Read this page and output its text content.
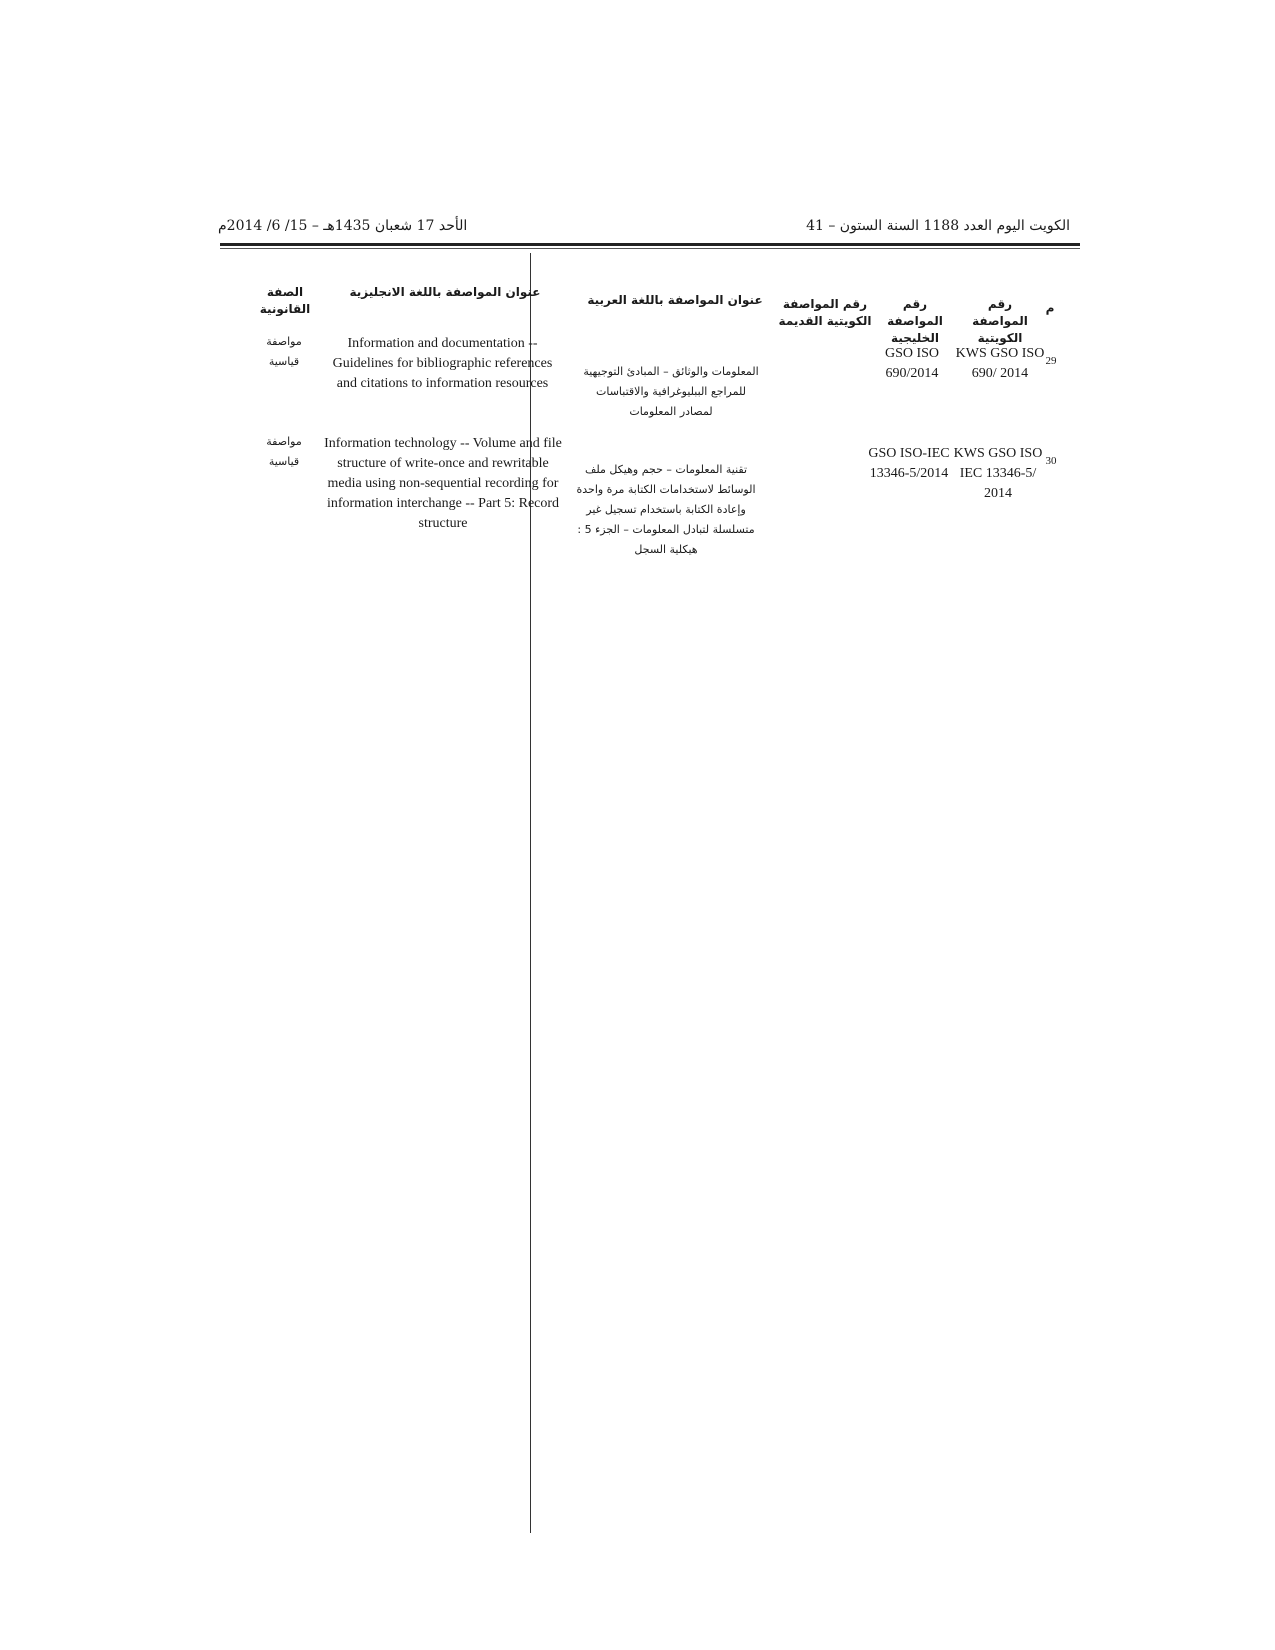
الكويت اليوم العدد 1188 السنة الستون – 41
الأحد 17 شعبان 1435هـ – 15/ 6/ 2014م
م
رقم المواصفة الكويتية
رقم المواصفة الخليجية
رقم المواصفة الكويتية القديمة
عنوان المواصفة باللغة العربية
عنوان المواصفة باللغة الانجليزية
الصفة القانونية
29
KWS GSO ISO 690/ 2014
GSO ISO 690/2014
المعلومات والوثائق – المبادئ التوجيهية للمراجع الببليوغرافية والاقتباسات لمصادر المعلومات
Information and documentation -- Guidelines for bibliographic references and citations to information resources
مواصفة قياسية
30
KWS GSO ISO IEC 13346-5/ 2014
GSO ISO-IEC 13346-5/2014
تقنية المعلومات – حجم وهيكل ملف الوسائط لاستخدامات الكتابة مرة واحدة وإعادة الكتابة باستخدام تسجيل غير متسلسلة لتبادل المعلومات – الجزء 5 : هيكلية السجل
Information technology -- Volume and file structure of write-once and rewritable media using non-sequential recording for information interchange -- Part 5: Record structure
مواصفة قياسية
